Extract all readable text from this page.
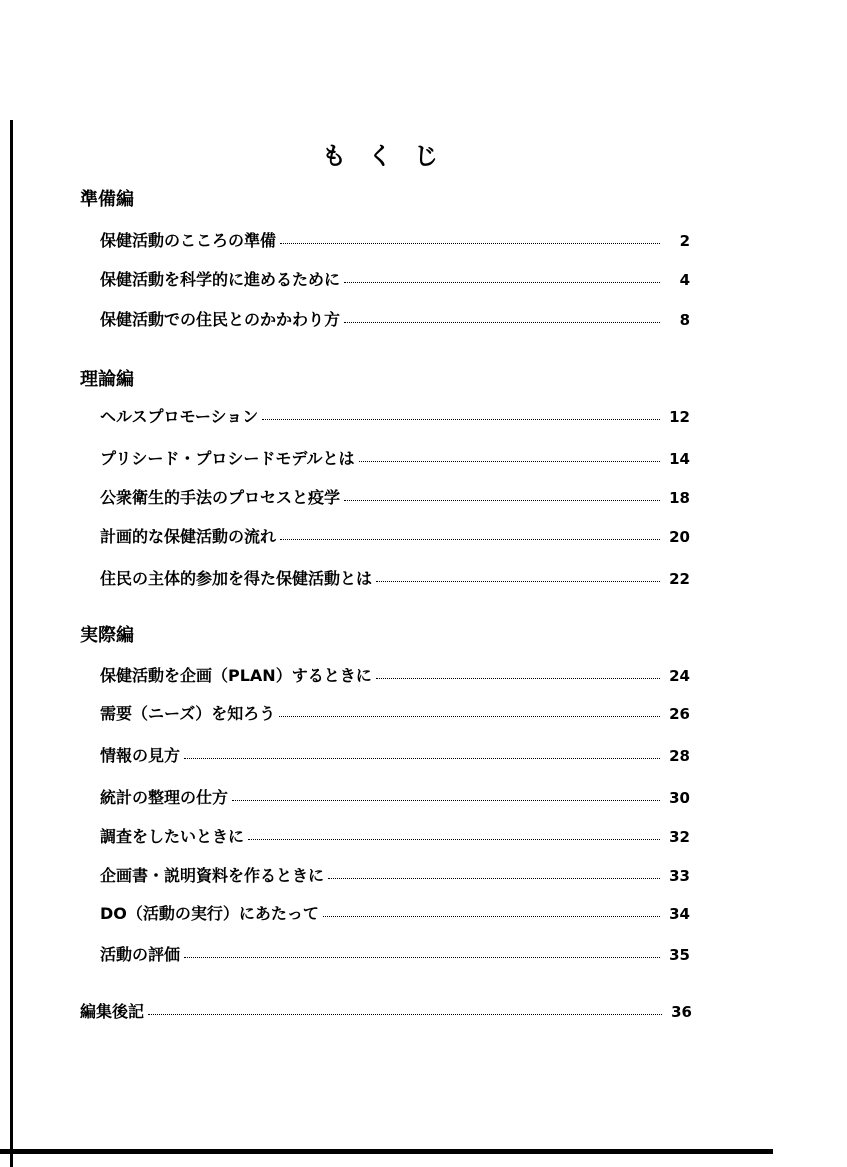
もくじ
準備編
保健活動のこころの準備	2
保健活動を科学的に進めるために	4
保健活動での住民とのかかわり方	8
理論編
ヘルスプロモーション	12
プリシード・プロシードモデルとは	14
公衆衛生的手法のプロセスと疫学	18
計画的な保健活動の流れ	20
住民の主体的参加を得た保健活動とは	22
実際編
保健活動を企画（PLAN）するときに	24
需要（ニーズ）を知ろう	26
情報の見方	28
統計の整理の仕方	30
調査をしたいときに	32
企画書・説明資料を作るときに	33
DO（活動の実行）にあたって	34
活動の評価	35
編集後記	36
